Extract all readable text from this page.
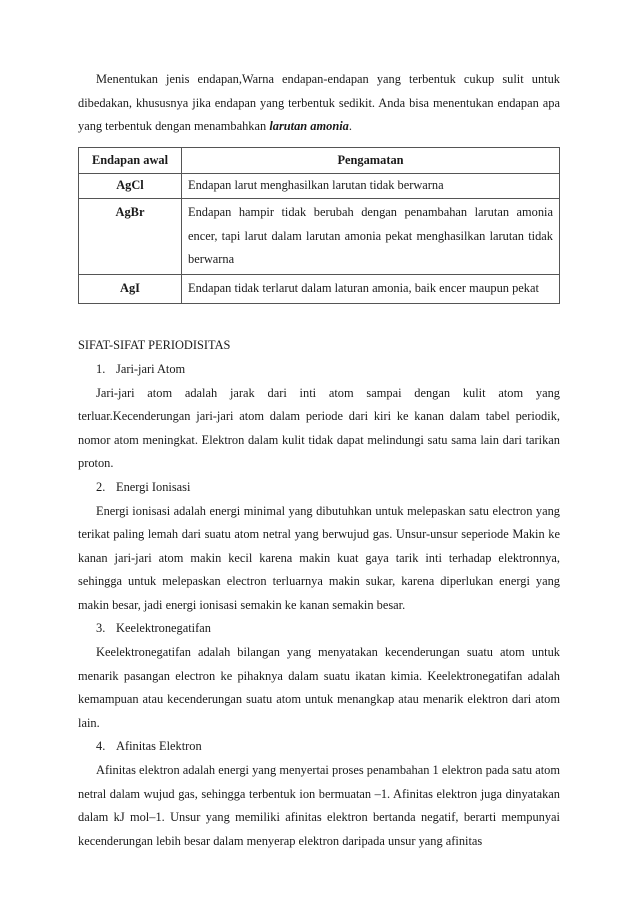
Menentukan jenis endapan,Warna endapan-endapan yang terbentuk cukup sulit untuk dibedakan, khususnya jika endapan yang terbentuk sedikit. Anda bisa menentukan endapan apa yang terbentuk dengan menambahkan larutan amonia.

Endapan awal	Pengamatan
AgCl	Endapan larut menghasilkan larutan tidak berwarna
AgBr	Endapan hampir tidak berubah dengan penambahan larutan amonia encer, tapi larut dalam larutan amonia pekat menghasilkan larutan tidak berwarna
AgI	Endapan tidak terlarut dalam laturan amonia, baik encer maupun pekat
SIFAT-SIFAT PERIODISITAS
1. Jari-jari Atom

Jari-jari atom adalah jarak dari inti atom sampai dengan kulit atom yang terluar.Kecenderungan jari-jari atom dalam periode dari kiri ke kanan dalam tabel periodik, nomor atom meningkat. Elektron dalam kulit tidak dapat melindungi satu sama lain dari tarikan proton.

2. Energi Ionisasi

Energi ionisasi adalah energi minimal yang dibutuhkan untuk melepaskan satu electron yang terikat paling lemah dari suatu atom netral yang berwujud gas. Unsur-unsur seperiode Makin ke kanan jari-jari atom makin kecil karena makin kuat gaya tarik inti terhadap elektronnya, sehingga untuk melepaskan electron terluarnya makin sukar, karena diperlukan energi yang makin besar, jadi energi ionisasi semakin ke kanan semakin besar.

3. Keelektronegatifan

Keelektronegatifan adalah bilangan yang menyatakan kecenderungan suatu atom untuk menarik pasangan electron ke pihaknya dalam suatu ikatan kimia. Keelektronegatifan adalah kemampuan atau kecenderungan suatu atom untuk menangkap atau menarik elektron dari atom lain.

4. Afinitas Elektron

Afinitas elektron adalah energi yang menyertai proses penambahan 1 elektron pada satu atom netral dalam wujud gas, sehingga terbentuk ion bermuatan –1. Afinitas elektron juga dinyatakan dalam kJ mol–1. Unsur yang memiliki afinitas elektron bertanda negatif, berarti mempunyai kecenderungan lebih besar dalam menyerap elektron daripada unsur yang afinitas
